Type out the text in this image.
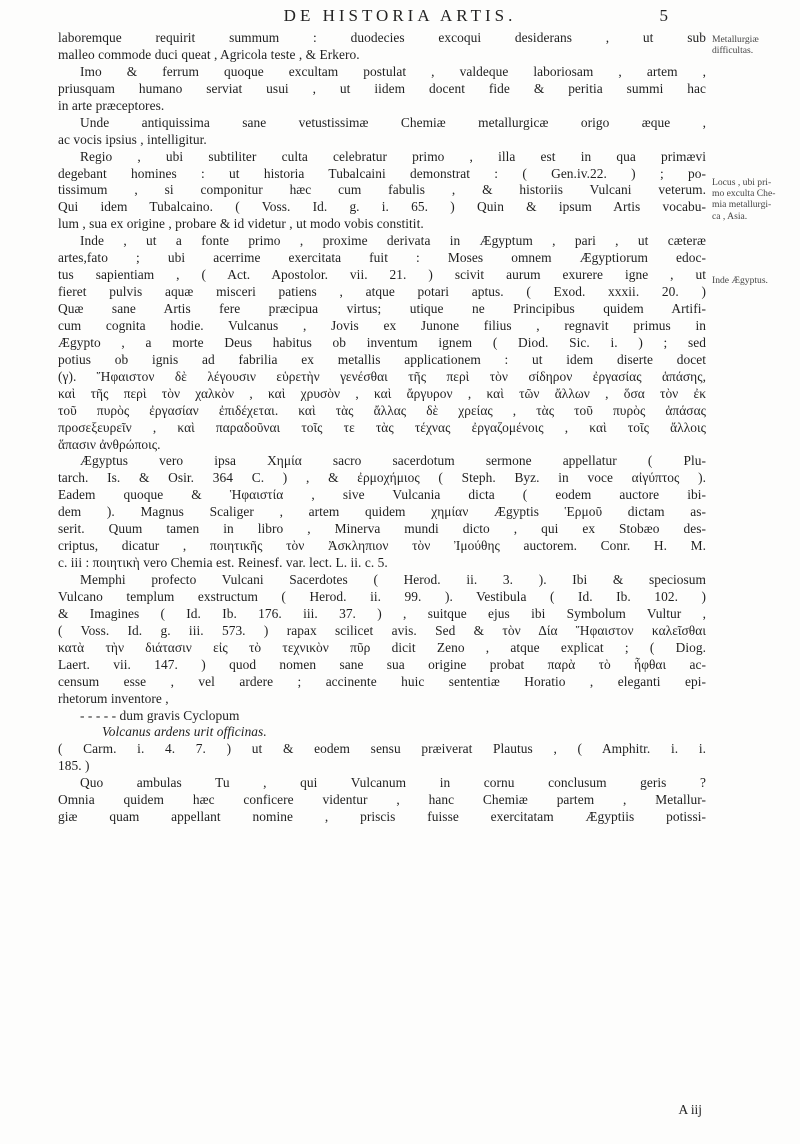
DE HISTORIA ARTIS.	5
laboremque requirit summum : duodecies excoqui desiderans , ut sub
malleo commode duci queat , Agricola teste , & Erkero.
Imo & ferrum quoque excultam postulat , valdeque laboriosam , artem ,
priusquam humano serviat usui , ut iidem docent fide & peritia summi hac
in arte præceptores.
Unde antiquissima sane vetustissimæ Chemiæ metallurgicæ origo æque ,
ac vocis ipsius , intelligitur.
Regio , ubi subtiliter culta celebratur primo , illa est in qua primævi
degebant homines : ut historia Tubalcaini demonstrat : ( Gen.iv.22. ) ; po-
tissimum , si componitur hæc cum fabulis , & historiis Vulcani veterum.
Qui idem Tubalcaino. ( Voss. Id. g. i. 65. ) Quin & ipsum Artis vocabu-
lum , sua ex origine , probare & id videtur , ut modo vobis constitit.
Inde , ut a fonte primo , proxime derivata in Ægyptum , pari , ut cæteræ
artes,fato ; ubi acerrime exercitata fuit : Moses omnem Ægyptiorum edoc-
tus sapientiam , ( Act. Apostolor. vii. 21. ) scivit aurum exurere igne , ut
fieret pulvis aquæ misceri patiens , atque potari aptus. ( Exod. xxxii. 20. )
Quæ sane Artis fere præcipua virtus; utique ne Principibus quidem Artifi-
cum cognita hodie. Vulcanus , Jovis ex Junone filius , regnavit primus in
Ægypto , a morte Deus habitus ob inventum ignem ( Diod. Sic. i. ) ; sed
potius ob ignis ad fabrilia ex metallis applicationem : ut idem diserte docet
(γ). Ἥφαιστον δὲ λέγουσιν εὑρετὴν γενέσθαι τῆς περὶ τὸν σίδηρον ἐργασίας ἁπάσης,
καὶ τῆς περὶ τὸν χαλκὸν , καὶ χρυσὸν , καὶ ἄργυρον , καὶ τῶν ἄλλων , ὅσα τὸν ἐκ
τοῦ πυρὸς ἐργασίαν ἐπιδέχεται. καὶ τὰς ἄλλας δὲ χρείας , τὰς τοῦ πυρὸς ἁπάσας
προσεξευρεῖν , καὶ παραδοῦναι τοῖς τε τὰς τέχνας ἐργαζομένοις , καὶ τοῖς ἄλλοις
ἅπασιν ἀνθρώποις.
Ægyptus vero ipsa Χημία sacro sacerdotum sermone appellatur ( Plu-
tarch. Is. & Osir. 364 C. ) , & ἐρμοχήμιος ( Steph. Byz. in voce αἰγύπτος ).
Eadem quoque & Ἡφαιστία , sive Vulcania dicta ( eodem auctore ibi-
dem ). Magnus Scaliger , artem quidem χημίαν Ægyptis Ἑρμοῦ dictam as-
serit. Quum tamen in libro , Minerva mundi dicto , qui ex Stobæo des-
criptus, dicatur , ποιητικῆς τὸν Ἀσκληπιον τὸν Ἰμούθης auctorem. Conr. H. M.
c. iii : ποιητικὴ vero Chemia est. Reinesf. var. lect. L. ii. c. 5.
Memphi profecto Vulcani Sacerdotes ( Herod. ii. 3. ). Ibi & speciosum
Vulcano templum exstructum ( Herod. ii. 99. ). Vestibula ( Id. Ib. 102. )
& Imagines ( Id. Ib. 176. iii. 37. ) , suitque ejus ibi Symbolum Vultur ,
( Voss. Id. g. iii. 573. ) rapax scilicet avis. Sed & τὸν Δία Ἥφαιστον καλεῖσθαι
κατὰ τὴν διάτασιν εἰς τὸ τεχνικὸν πῦρ dicit Zeno , atque explicat ; ( Diog.
Laert. vii. 147. ) quod nomen sane sua origine probat παρὰ τὸ ἧφθαι ac-
censum esse , vel ardere ; accinente huic sententiæ Horatio , eleganti epi-
rhetorum inventore ,
- - - - - dum gravis Cyclopum
Volcanus ardens urit officinas.
( Carm. i. 4. 7. ) ut & eodem sensu præiverat Plautus , ( Amphitr. i. i.
185. )
Quo ambulas Tu , qui Vulcanum in cornu conclusum geris ?
Omnia quidem hæc conficere videntur , hanc Chemiæ partem , Metallur-
giæ quam appellant nomine , priscis fuisse exercitatam Ægyptiis potissi-
Metallurgiæ
difficultas.
Locus , ubi pri-
mo exculta Che-
mia metallurgi-
ca , Asia.
Inde Ægyptus.
A iij
